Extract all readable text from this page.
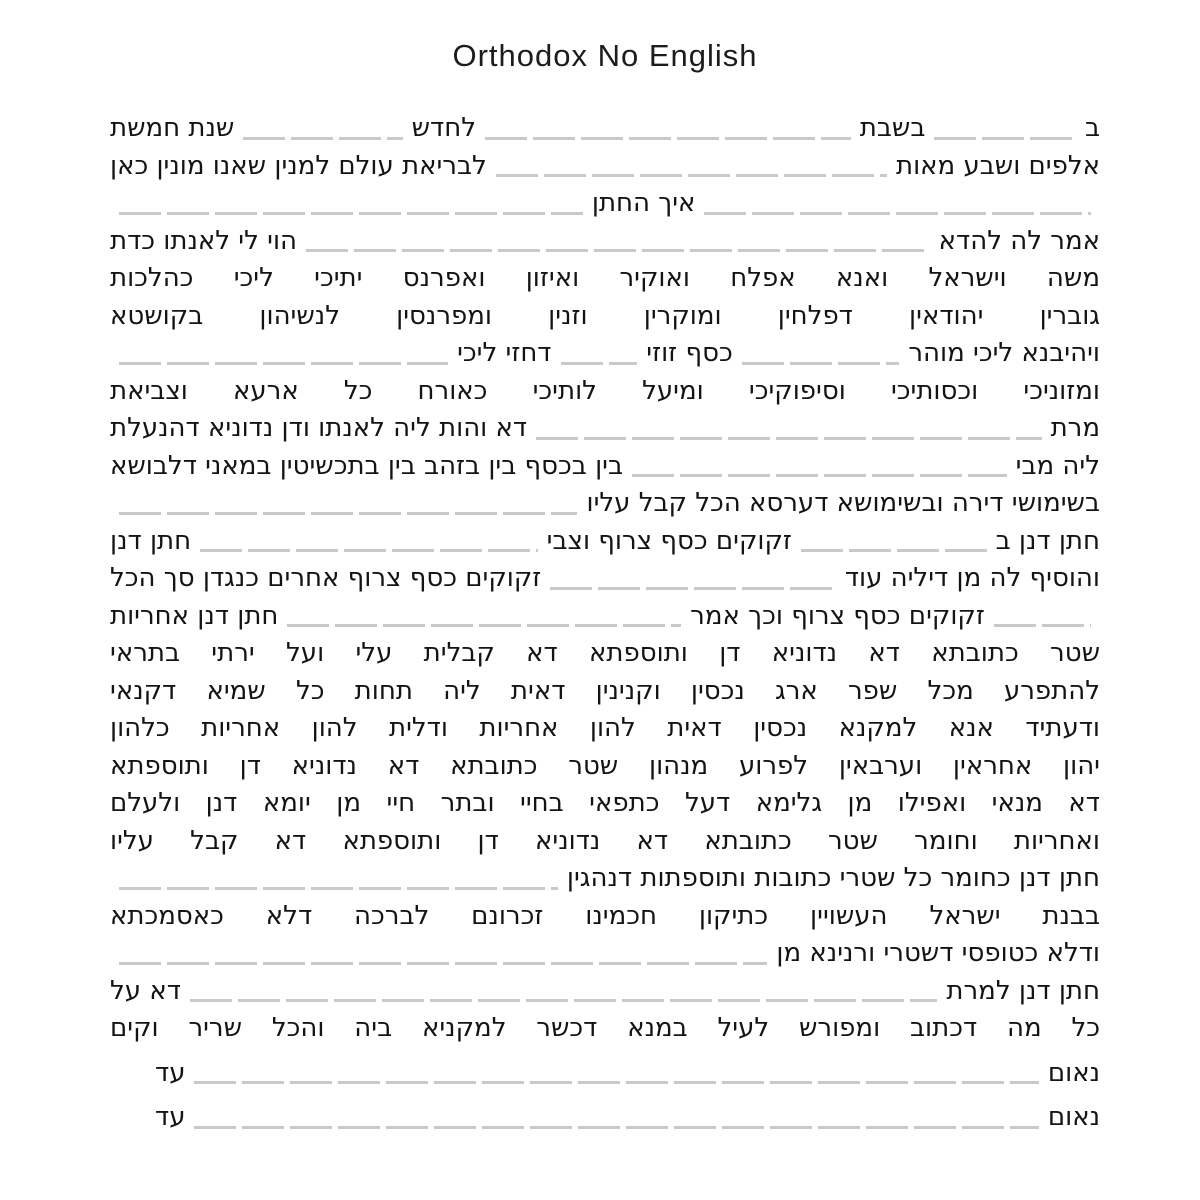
Orthodox No English
ב
בשבת
לחדש
שנת חמשת
אלפים ושבע מאות
לבריאת עולם למנין שאנו מונין כאן
איך החתן
אמר לה להדא
הוי לי לאנתו כדת
משה וישראל ואנא אפלח ואוקיר ואיזון ואפרנס יתיכי ליכי כהלכות
גוברין יהודאין דפלחין ומוקרין וזנין ומפרנסין לנשיהון בקושטא
ויהיבנא ליכי מוהר
כסף זוזי
דחזי ליכי
ומזוניכי וכסותיכי וסיפוקיכי ומיעל לותיכי כאורח כל ארעא וצביאת
מרת
דא והות ליה לאנתו ודן נדוניא דהנעלת
ליה מבי
בין בכסף בין בזהב בין בתכשיטין במאני דלבושא
בשימושי דירה ובשימושא דערסא הכל קבל עליו
חתן דנן ב
זקוקים כסף צרוף וצבי
חתן דנן
והוסיף לה מן דיליה עוד
זקוקים כסף צרוף אחרים כנגדן סך הכל
זקוקים כסף צרוף וכך אמר
חתן דנן אחריות
שטר כתובתא דא נדוניא דן ותוספתא דא קבלית עלי ועל ירתי בתראי
להתפרע מכל שפר ארג נכסין וקנינין דאית ליה תחות כל שמיא דקנאי
ודעתיד אנא למקנא נכסין דאית להון אחריות ודלית להון אחריות כלהון
יהון אחראין וערבאין לפרוע מנהון שטר כתובתא דא נדוניא דן ותוספתא
דא מנאי ואפילו מן גלימא דעל כתפאי בחיי ובתר חיי מן יומא דנן ולעלם
ואחריות וחומר שטר כתובתא דא נדוניא דן ותוספתא דא קבל עליו
חתן דנן כחומר כל שטרי כתובות ותוספתות דנהגין
בבנת ישראל העשויין כתיקון חכמינו זכרונם לברכה דלא כאסמכתא
ודלא כטופסי דשטרי ורנינא מן
חתן דנן למרת
דא על
כל מה דכתוב ומפורש לעיל במנא דכשר למקניא ביה והכל שריר וקים
נאום
עד
נאום
עד
